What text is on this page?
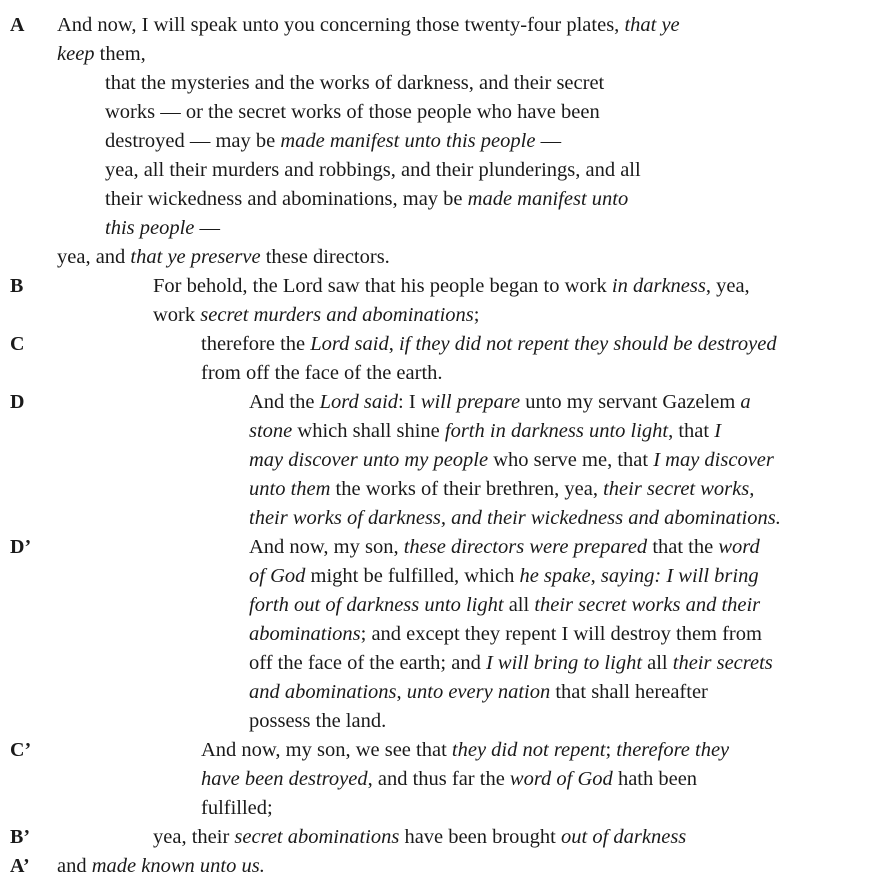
A And now, I will speak unto you concerning those twenty-four plates, that ye
keep them,
that the mysteries and the works of darkness, and their secret
works — or the secret works of those people who have been
destroyed — may be made manifest unto this people —
yea, all their murders and robbings, and their plunderings, and all
their wickedness and abominations, may be made manifest unto
this people —
yea, and that ye preserve these directors.
B	For behold, the Lord saw that his people began to work in darkness, yea,
work secret murders and abominations;
C	therefore the Lord said, if they did not repent they should be destroyed
from off the face of the earth.
D	And the Lord said: I will prepare unto my servant Gazelem a
stone which shall shine forth in darkness unto light, that I
may discover unto my people who serve me, that I may discover
unto them the works of their brethren, yea, their secret works,
their works of darkness, and their wickedness and abominations.
D’	And now, my son, these directors were prepared that the word
of God might be fulfilled, which he spake, saying: I will bring
forth out of darkness unto light all their secret works and their
abominations; and except they repent I will destroy them from
off the face of the earth; and I will bring to light all their secrets
and abominations, unto every nation that shall hereafter
possess the land.
C’	And now, my son, we see that they did not repent; therefore they
have been destroyed, and thus far the word of God hath been
fulfilled;
B’	yea, their secret abominations have been brought out of darkness
A’ and made known unto us.
